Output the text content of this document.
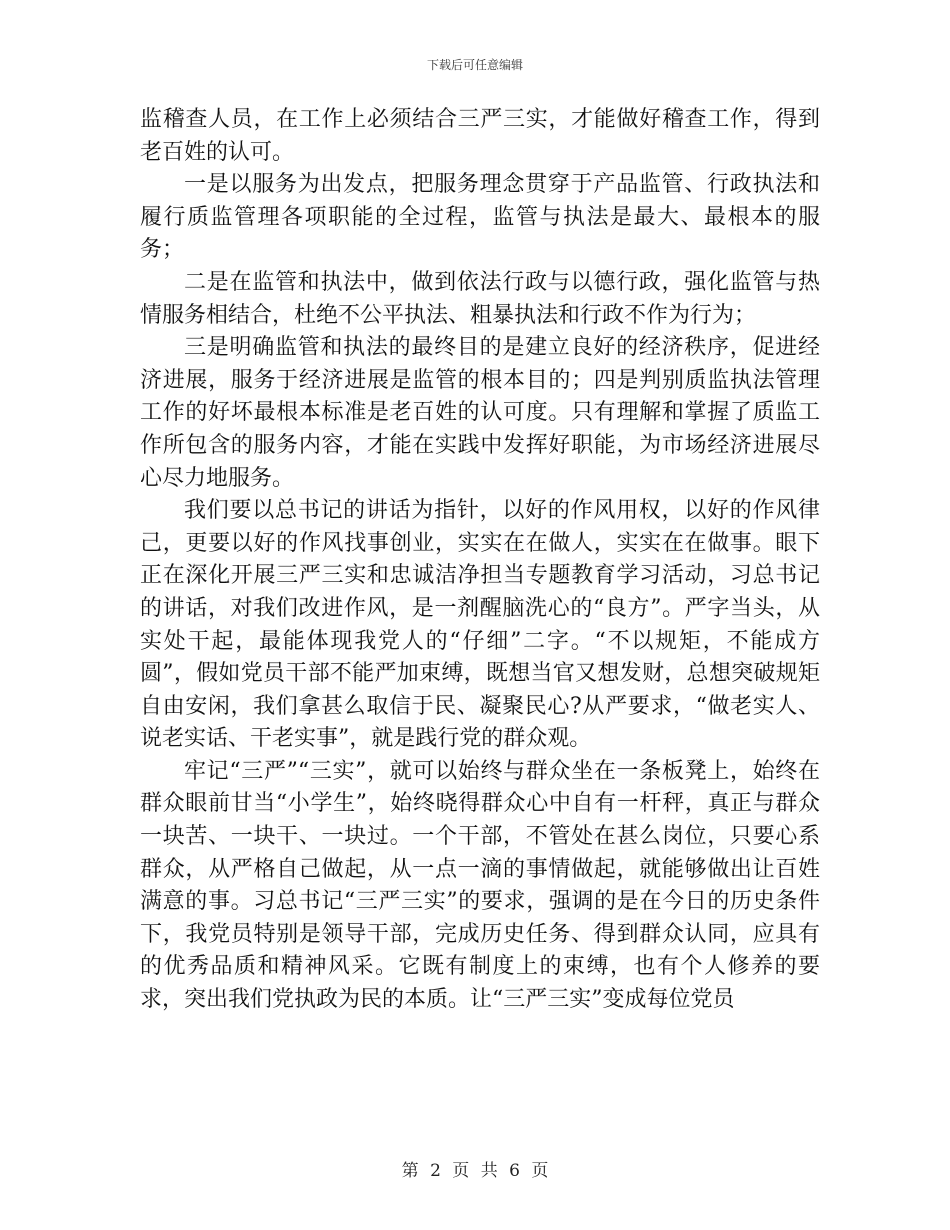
下载后可任意编辑

监稽查人员，在工作上必须结合三严三实，才能做好稽查工作，得到老百姓的认可。

一是以服务为出发点，把服务理念贯穿于产品监管、行政执法和履行质监管理各项职能的全过程，监管与执法是最大、最根本的服务；

二是在监管和执法中，做到依法行政与以德行政，强化监管与热情服务相结合，杜绝不公平执法、粗暴执法和行政不作为行为；

三是明确监管和执法的最终目的是建立良好的经济秩序，促进经济进展，服务于经济进展是监管的根本目的；四是判别质监执法管理工作的好坏最根本标准是老百姓的认可度。只有理解和掌握了质监工作所包含的服务内容，才能在实践中发挥好职能，为市场经济进展尽心尽力地服务。

我们要以总书记的讲话为指针，以好的作风用权，以好的作风律己，更要以好的作风找事创业，实实在在做人，实实在在做事。眼下正在深化开展三严三实和忠诚洁净担当专题教育学习活动，习总书记的讲话，对我们改进作风，是一剂醒脑洗心的“良方”。严字当头，从实处干起，最能体现我党人的“仔细”二字。“不以规矩，不能成方圆”，假如党员干部不能严加束缚，既想当官又想发财，总想突破规矩自由安闲，我们拿甚么取信于民、凝聚民心?从严要求，“做老实人、说老实话、干老实事”，就是践行党的群众观。

牢记“三严”“三实”，就可以始终与群众坐在一条板凳上，始终在群众眼前甘当“小学生”，始终晓得群众心中自有一杆秤，真正与群众一块苦、一块干、一块过。一个干部，不管处在甚么岗位，只要心系群众，从严格自己做起，从一点一滴的事情做起，就能够做出让百姓满意的事。习总书记“三严三实”的要求，强调的是在今日的历史条件下，我党员特别是领导干部，完成历史任务、得到群众认同，应具有的优秀品质和精神风采。它既有制度上的束缚，也有个人修养的要求，突出我们党执政为民的本质。让“三严三实”变成每位党员

第 2 页 共 6 页
